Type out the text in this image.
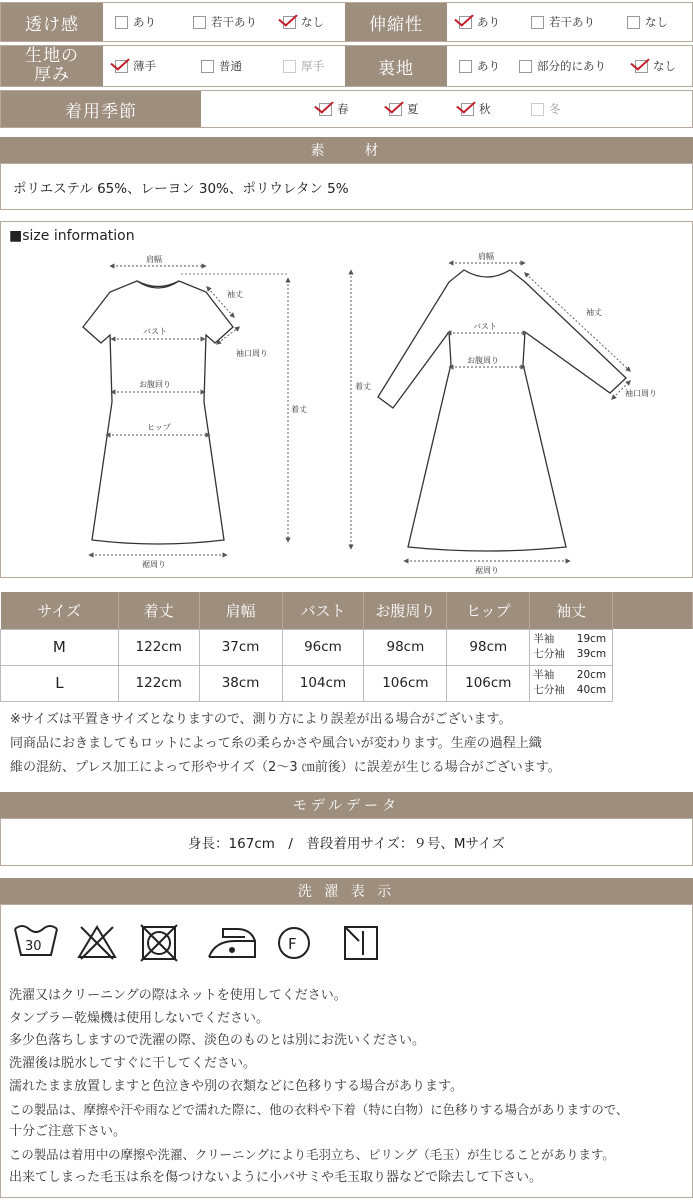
透け感	あり	若干あり	なし	伸縮性	あり	若干あり	なし
生地の
厚み	薄手	普通	厚手	裏地	あり	部分的にあり	なし
着用季節	春	夏	秋	冬
素　　材
ポリエステル 65%、レーヨン 30%、ポリウレタン 5%
■size information
肩幅
袖丈
バスト
袖口周り
お腹回り
ヒップ
着丈
裾周り
肩幅
袖丈
バスト
お腹周り
袖口周り
着丈
裾周り
サイズ	着丈	肩幅	バスト	お腹周り	ヒップ	袖丈	
M	122cm	37cm	96cm	98cm	98cm	半袖 19cm
七分袖 39cm	

L	122cm	38cm	104cm	106cm	106cm	半袖 20cm
七分袖 40cm	

※サイズは平置きサイズとなりますので、測り方により誤差が出る場合がございます。
同商品におきましてもロットによって糸の柔らかさや風合いが変わります。生産の過程上織
維の混紡、プレス加工によって形やサイズ（2～3 ㎝前後）に誤差が生じる場合がございます。
モデルデータ
身長：167cm　/　普段着用サイズ：９号、Mサイズ
洗 濯 表 示
30	F
洗濯又はクリーニングの際はネットを使用してください。
タンブラー乾燥機は使用しないでください。
多少色落ちしますので洗濯の際、淡色のものとは別にお洗いください。
洗濯後は脱水してすぐに干してください。
濡れたまま放置しますと色泣きや別の衣類などに色移りする場合があります。
この製品は、摩擦や汗や雨などで濡れた際に、他の衣料や下着（特に白物）に色移りする場合がありますので、
十分ご注意下さい。
この製品は着用中の摩擦や洗濯、クリーニングにより毛羽立ち、ピリング（毛玉）が生じることがあります。
出来てしまった毛玉は糸を傷つけないように小バサミや毛玉取り器などで除去して下さい。
